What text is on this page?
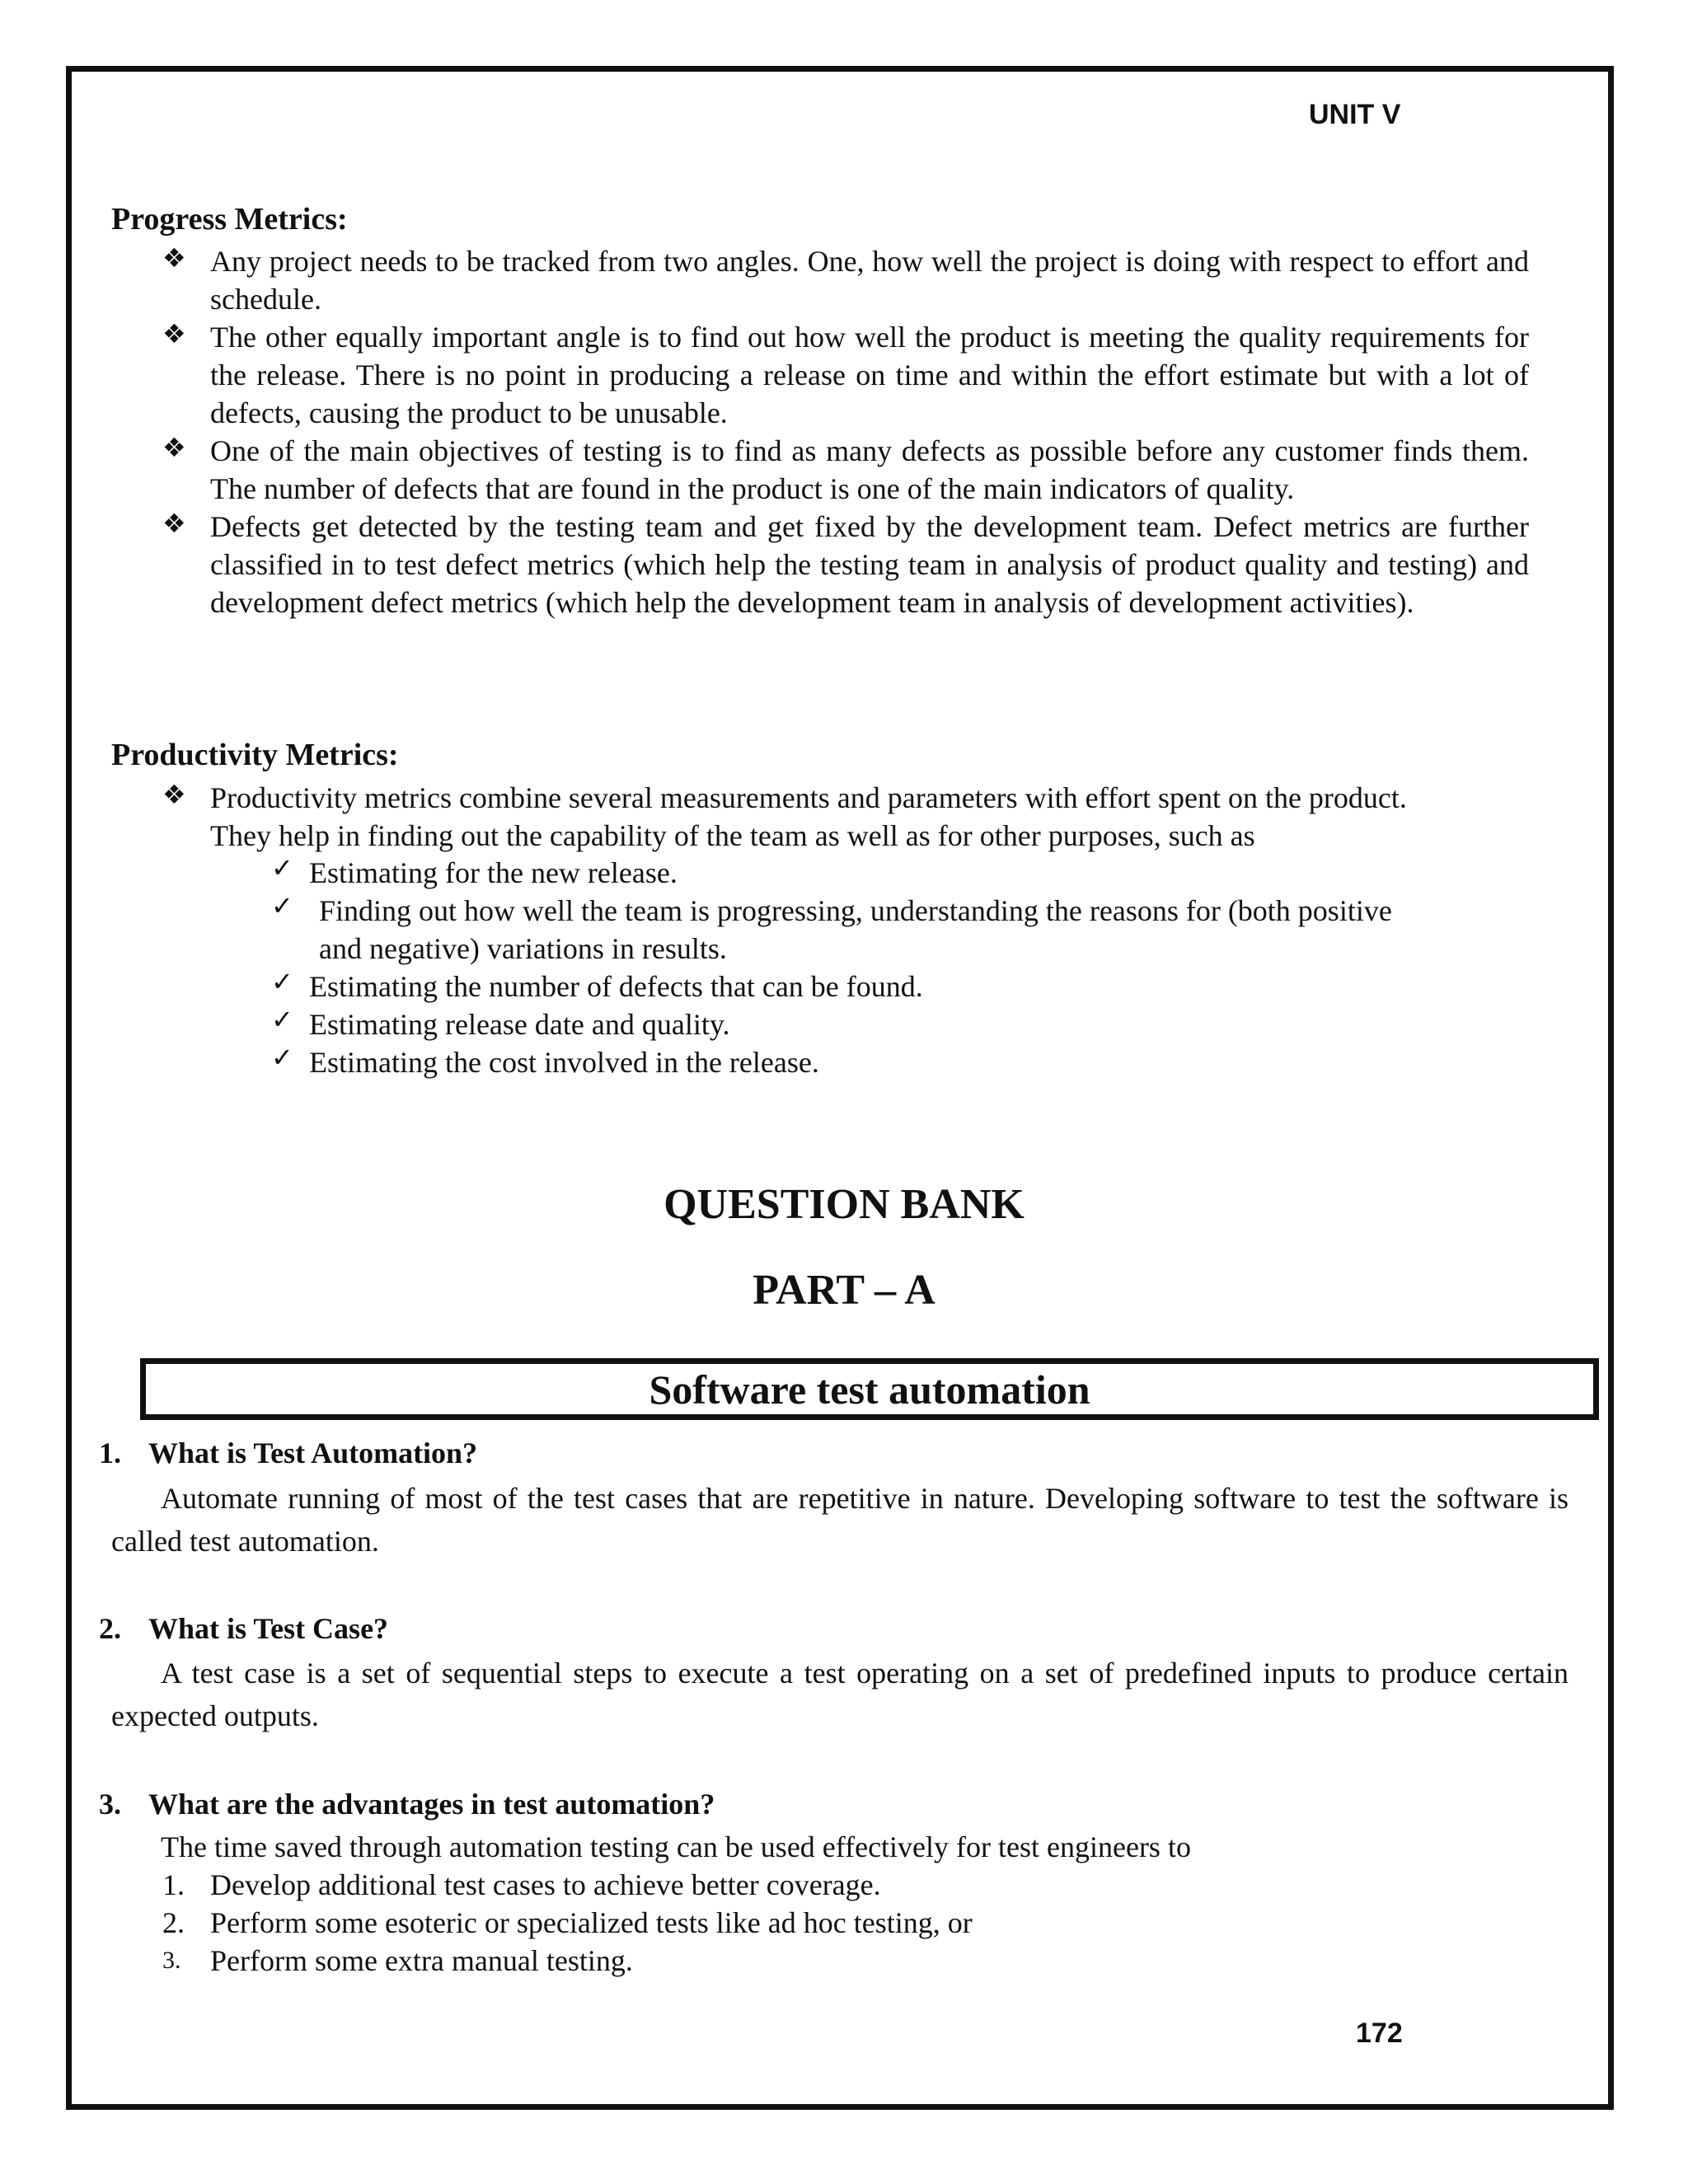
UNIT V
Progress Metrics:
❖ Any project needs to be tracked from two angles. One, how well the project is doing with respect to effort and schedule.
❖ The other equally important angle is to find out how well the product is meeting the quality requirements for the release. There is no point in producing a release on time and within the effort estimate but with a lot of defects, causing the product to be unusable.
❖ One of the main objectives of testing is to find as many defects as possible before any customer finds them. The number of defects that are found in the product is one of the main indicators of quality.
❖ Defects get detected by the testing team and get fixed by the development team. Defect metrics are further classified in to test defect metrics (which help the testing team in analysis of product quality and testing) and development defect metrics (which help the development team in analysis of development activities).
Productivity Metrics:
❖ Productivity metrics combine several measurements and parameters with effort spent on the product. They help in finding out the capability of the team as well as for other purposes, such as
✓ Estimating for the new release.
✓ Finding out how well the team is progressing, understanding the reasons for (both positive and negative) variations in results.
✓ Estimating the number of defects that can be found.
✓ Estimating release date and quality.
✓ Estimating the cost involved in the release.
QUESTION BANK
PART – A
Software test automation
1. What is Test Automation?
Automate running of most of the test cases that are repetitive in nature. Developing software to test the software is called test automation.
2. What is Test Case?
A test case is a set of sequential steps to execute a test operating on a set of predefined inputs to produce certain expected outputs.
3. What are the advantages in test automation?
The time saved through automation testing can be used effectively for test engineers to
1. Develop additional test cases to achieve better coverage.
2. Perform some esoteric or specialized tests like ad hoc testing, or
3. Perform some extra manual testing.
172
